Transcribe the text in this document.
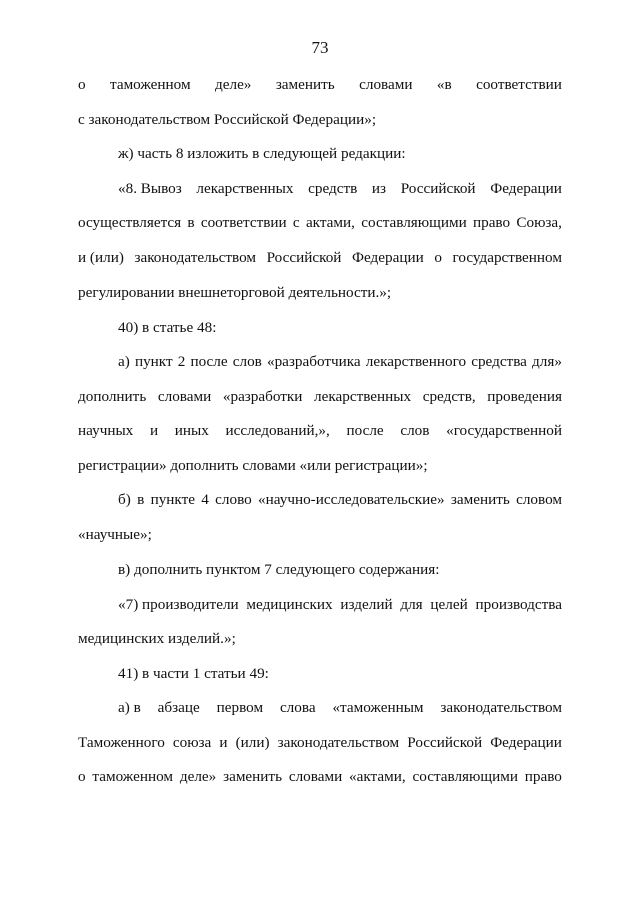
73
о таможенном деле» заменить словами «в соответствии
с законодательством Российской Федерации»;
ж) часть 8 изложить в следующей редакции:
«8. Вывоз лекарственных средств из Российской Федерации
осуществляется в соответствии с актами, составляющими право Союза,
и (или) законодательством Российской Федерации о государственном
регулировании внешнеторговой деятельности.»;
40) в статье 48:
а) пункт 2 после слов «разработчика лекарственного средства для»
дополнить словами «разработки лекарственных средств, проведения
научных и иных исследований,», после слов «государственной
регистрации» дополнить словами «или регистрации»;
б) в пункте 4 слово «научно-исследовательские» заменить словом
«научные»;
в) дополнить пунктом 7 следующего содержания:
«7) производители медицинских изделий для целей производства
медицинских изделий.»;
41) в части 1 статьи 49:
а) в абзаце первом слова «таможенным законодательством
Таможенного союза и (или) законодательством Российской Федерации
о таможенном деле» заменить словами «актами, составляющими право
